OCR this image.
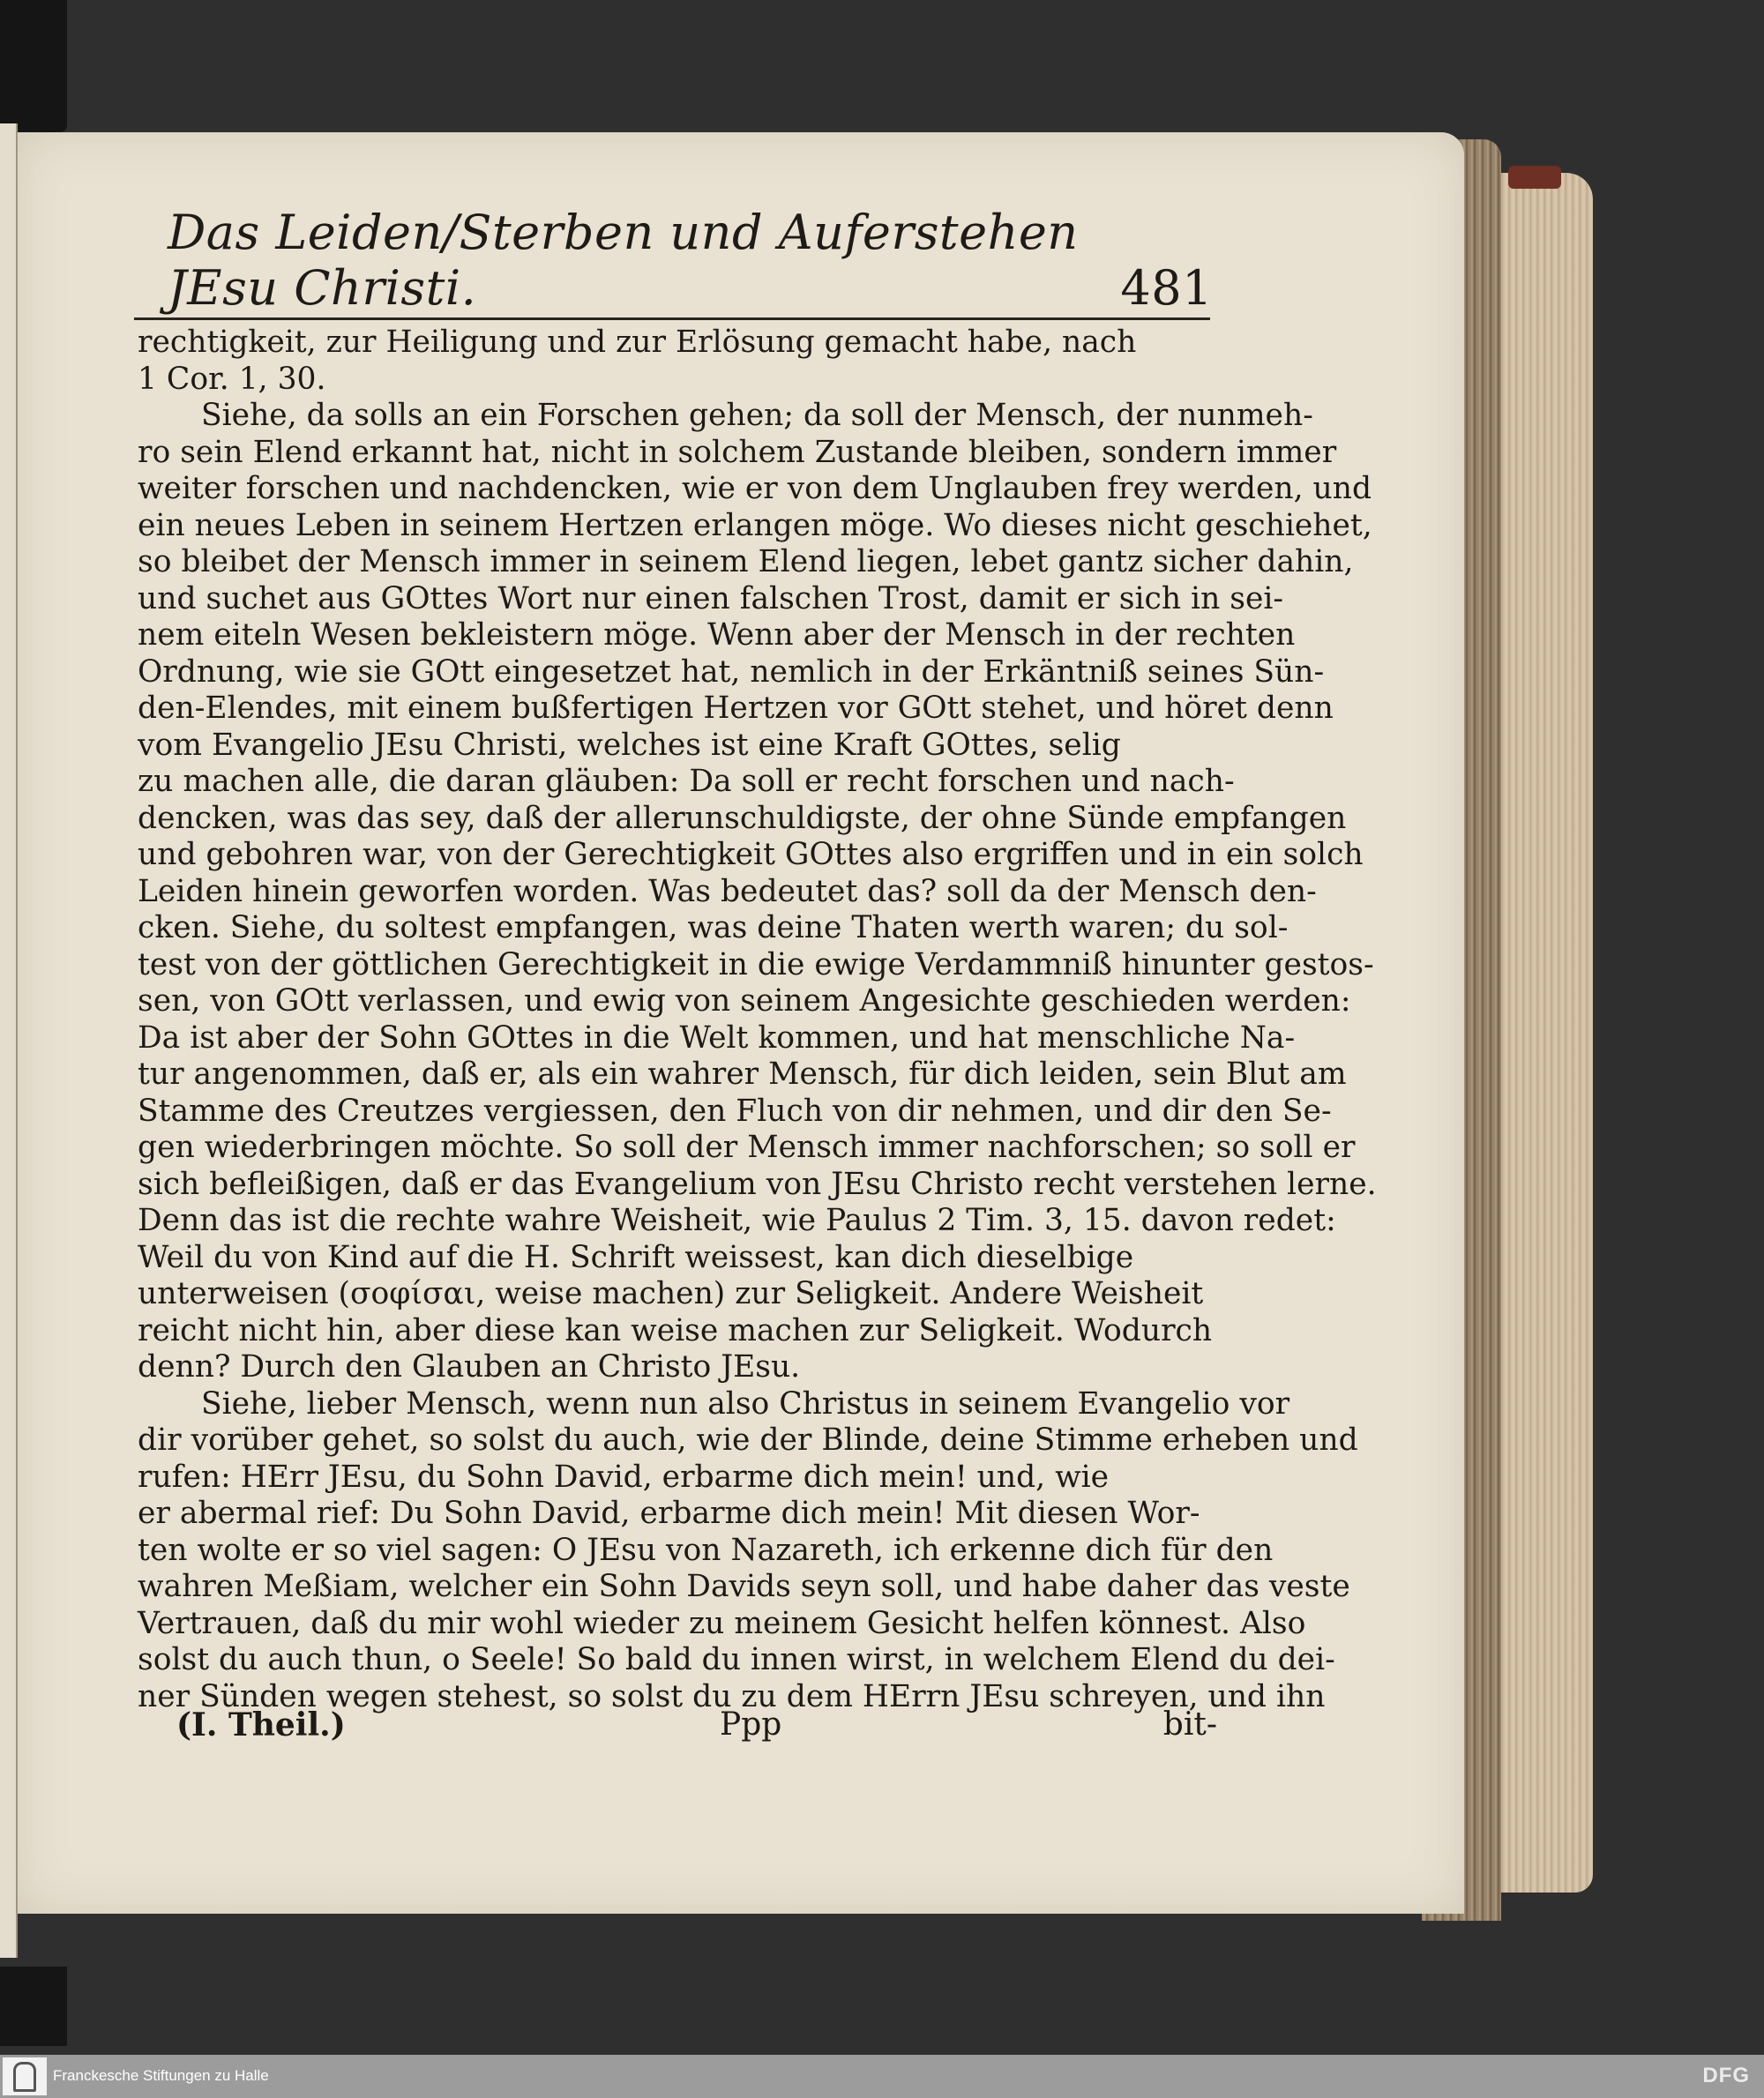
Das Leiden/Sterben und Auferstehen JEsu Christi.	481
rechtigkeit, zur Heiligung und zur Erlösung gemacht habe, nach
1 Cor. 1, 30.
Siehe, da solls an ein Forschen gehen; da soll der Mensch, der nunmeh-
ro sein Elend erkannt hat, nicht in solchem Zustande bleiben, sondern immer
weiter forschen und nachdencken, wie er von dem Unglauben frey werden, und
ein neues Leben in seinem Hertzen erlangen möge. Wo dieses nicht geschiehet,
so bleibet der Mensch immer in seinem Elend liegen, lebet gantz sicher dahin,
und suchet aus GOttes Wort nur einen falschen Trost, damit er sich in sei-
nem eiteln Wesen bekleistern möge. Wenn aber der Mensch in der rechten
Ordnung, wie sie GOtt eingesetzet hat, nemlich in der Erkäntniß seines Sün-
den-Elendes, mit einem bußfertigen Hertzen vor GOtt stehet, und höret denn
vom Evangelio JEsu Christi, welches ist eine Kraft GOttes, selig
zu machen alle, die daran gläuben: Da soll er recht forschen und nach-
dencken, was das sey, daß der allerunschuldigste, der ohne Sünde empfangen
und gebohren war, von der Gerechtigkeit GOttes also ergriffen und in ein solch
Leiden hinein geworfen worden. Was bedeutet das? soll da der Mensch den-
cken. Siehe, du soltest empfangen, was deine Thaten werth waren; du sol-
test von der göttlichen Gerechtigkeit in die ewige Verdammniß hinunter gestos-
sen, von GOtt verlassen, und ewig von seinem Angesichte geschieden werden:
Da ist aber der Sohn GOttes in die Welt kommen, und hat menschliche Na-
tur angenommen, daß er, als ein wahrer Mensch, für dich leiden, sein Blut am
Stamme des Creutzes vergiessen, den Fluch von dir nehmen, und dir den Se-
gen wiederbringen möchte. So soll der Mensch immer nachforschen; so soll er
sich befleißigen, daß er das Evangelium von JEsu Christo recht verstehen lerne.
Denn das ist die rechte wahre Weisheit, wie Paulus 2 Tim. 3, 15. davon redet:
Weil du von Kind auf die H. Schrift weissest, kan dich dieselbige
unterweisen (σοφίσαι, weise machen) zur Seligkeit. Andere Weisheit
reicht nicht hin, aber diese kan weise machen zur Seligkeit. Wodurch
denn? Durch den Glauben an Christo JEsu.
Siehe, lieber Mensch, wenn nun also Christus in seinem Evangelio vor
dir vorüber gehet, so solst du auch, wie der Blinde, deine Stimme erheben und
rufen: HErr JEsu, du Sohn David, erbarme dich mein! und, wie
er abermal rief: Du Sohn David, erbarme dich mein! Mit diesen Wor-
ten wolte er so viel sagen: O JEsu von Nazareth, ich erkenne dich für den
wahren Meßiam, welcher ein Sohn Davids seyn soll, und habe daher das veste
Vertrauen, daß du mir wohl wieder zu meinem Gesicht helfen könnest. Also
solst du auch thun, o Seele! So bald du innen wirst, in welchem Elend du dei-
ner Sünden wegen stehest, so solst du zu dem HErrn JEsu schreyen, und ihn
(I. Theil.)	Ppp	bit-
Franckesche Stiftungen zu Halle	DFG
